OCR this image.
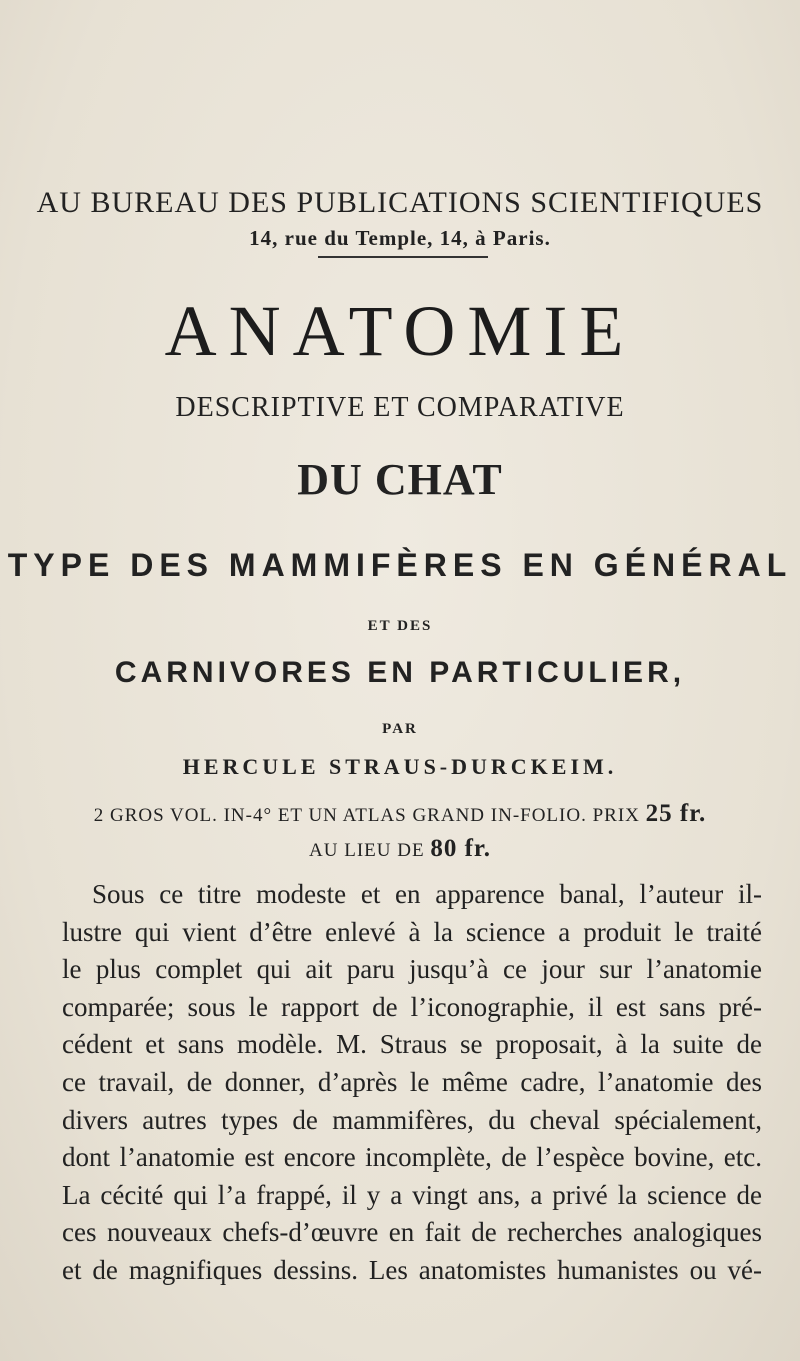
AU BUREAU DES PUBLICATIONS SCIENTIFIQUES
14, rue du Temple, 14, à Paris.
ANATOMIE
DESCRIPTIVE ET COMPARATIVE
DU CHAT
TYPE DES MAMMIFÈRES EN GÉNÉRAL
ET DES
CARNIVORES EN PARTICULIER,
PAR
HERCULE STRAUS-DURCKEIM.
2 GROS VOL. IN-4° ET UN ATLAS GRAND IN-FOLIO. PRIX 25 fr.
AU LIEU DE 80 fr.
Sous ce titre modeste et en apparence banal, l’auteur il-
lustre qui vient d’être enlevé à la science a produit le traité
le plus complet qui ait paru jusqu’à ce jour sur l’anatomie
comparée; sous le rapport de l’iconographie, il est sans pré-
cédent et sans modèle. M. Straus se proposait, à la suite de
ce travail, de donner, d’après le même cadre, l’anatomie des
divers autres types de mammifères, du cheval spécialement,
dont l’anatomie est encore incomplète, de l’espèce bovine, etc.
La cécité qui l’a frappé, il y a vingt ans, a privé la science de
ces nouveaux chefs-d’œuvre en fait de recherches analogiques
et de magnifiques dessins. Les anatomistes humanistes ou vé-
